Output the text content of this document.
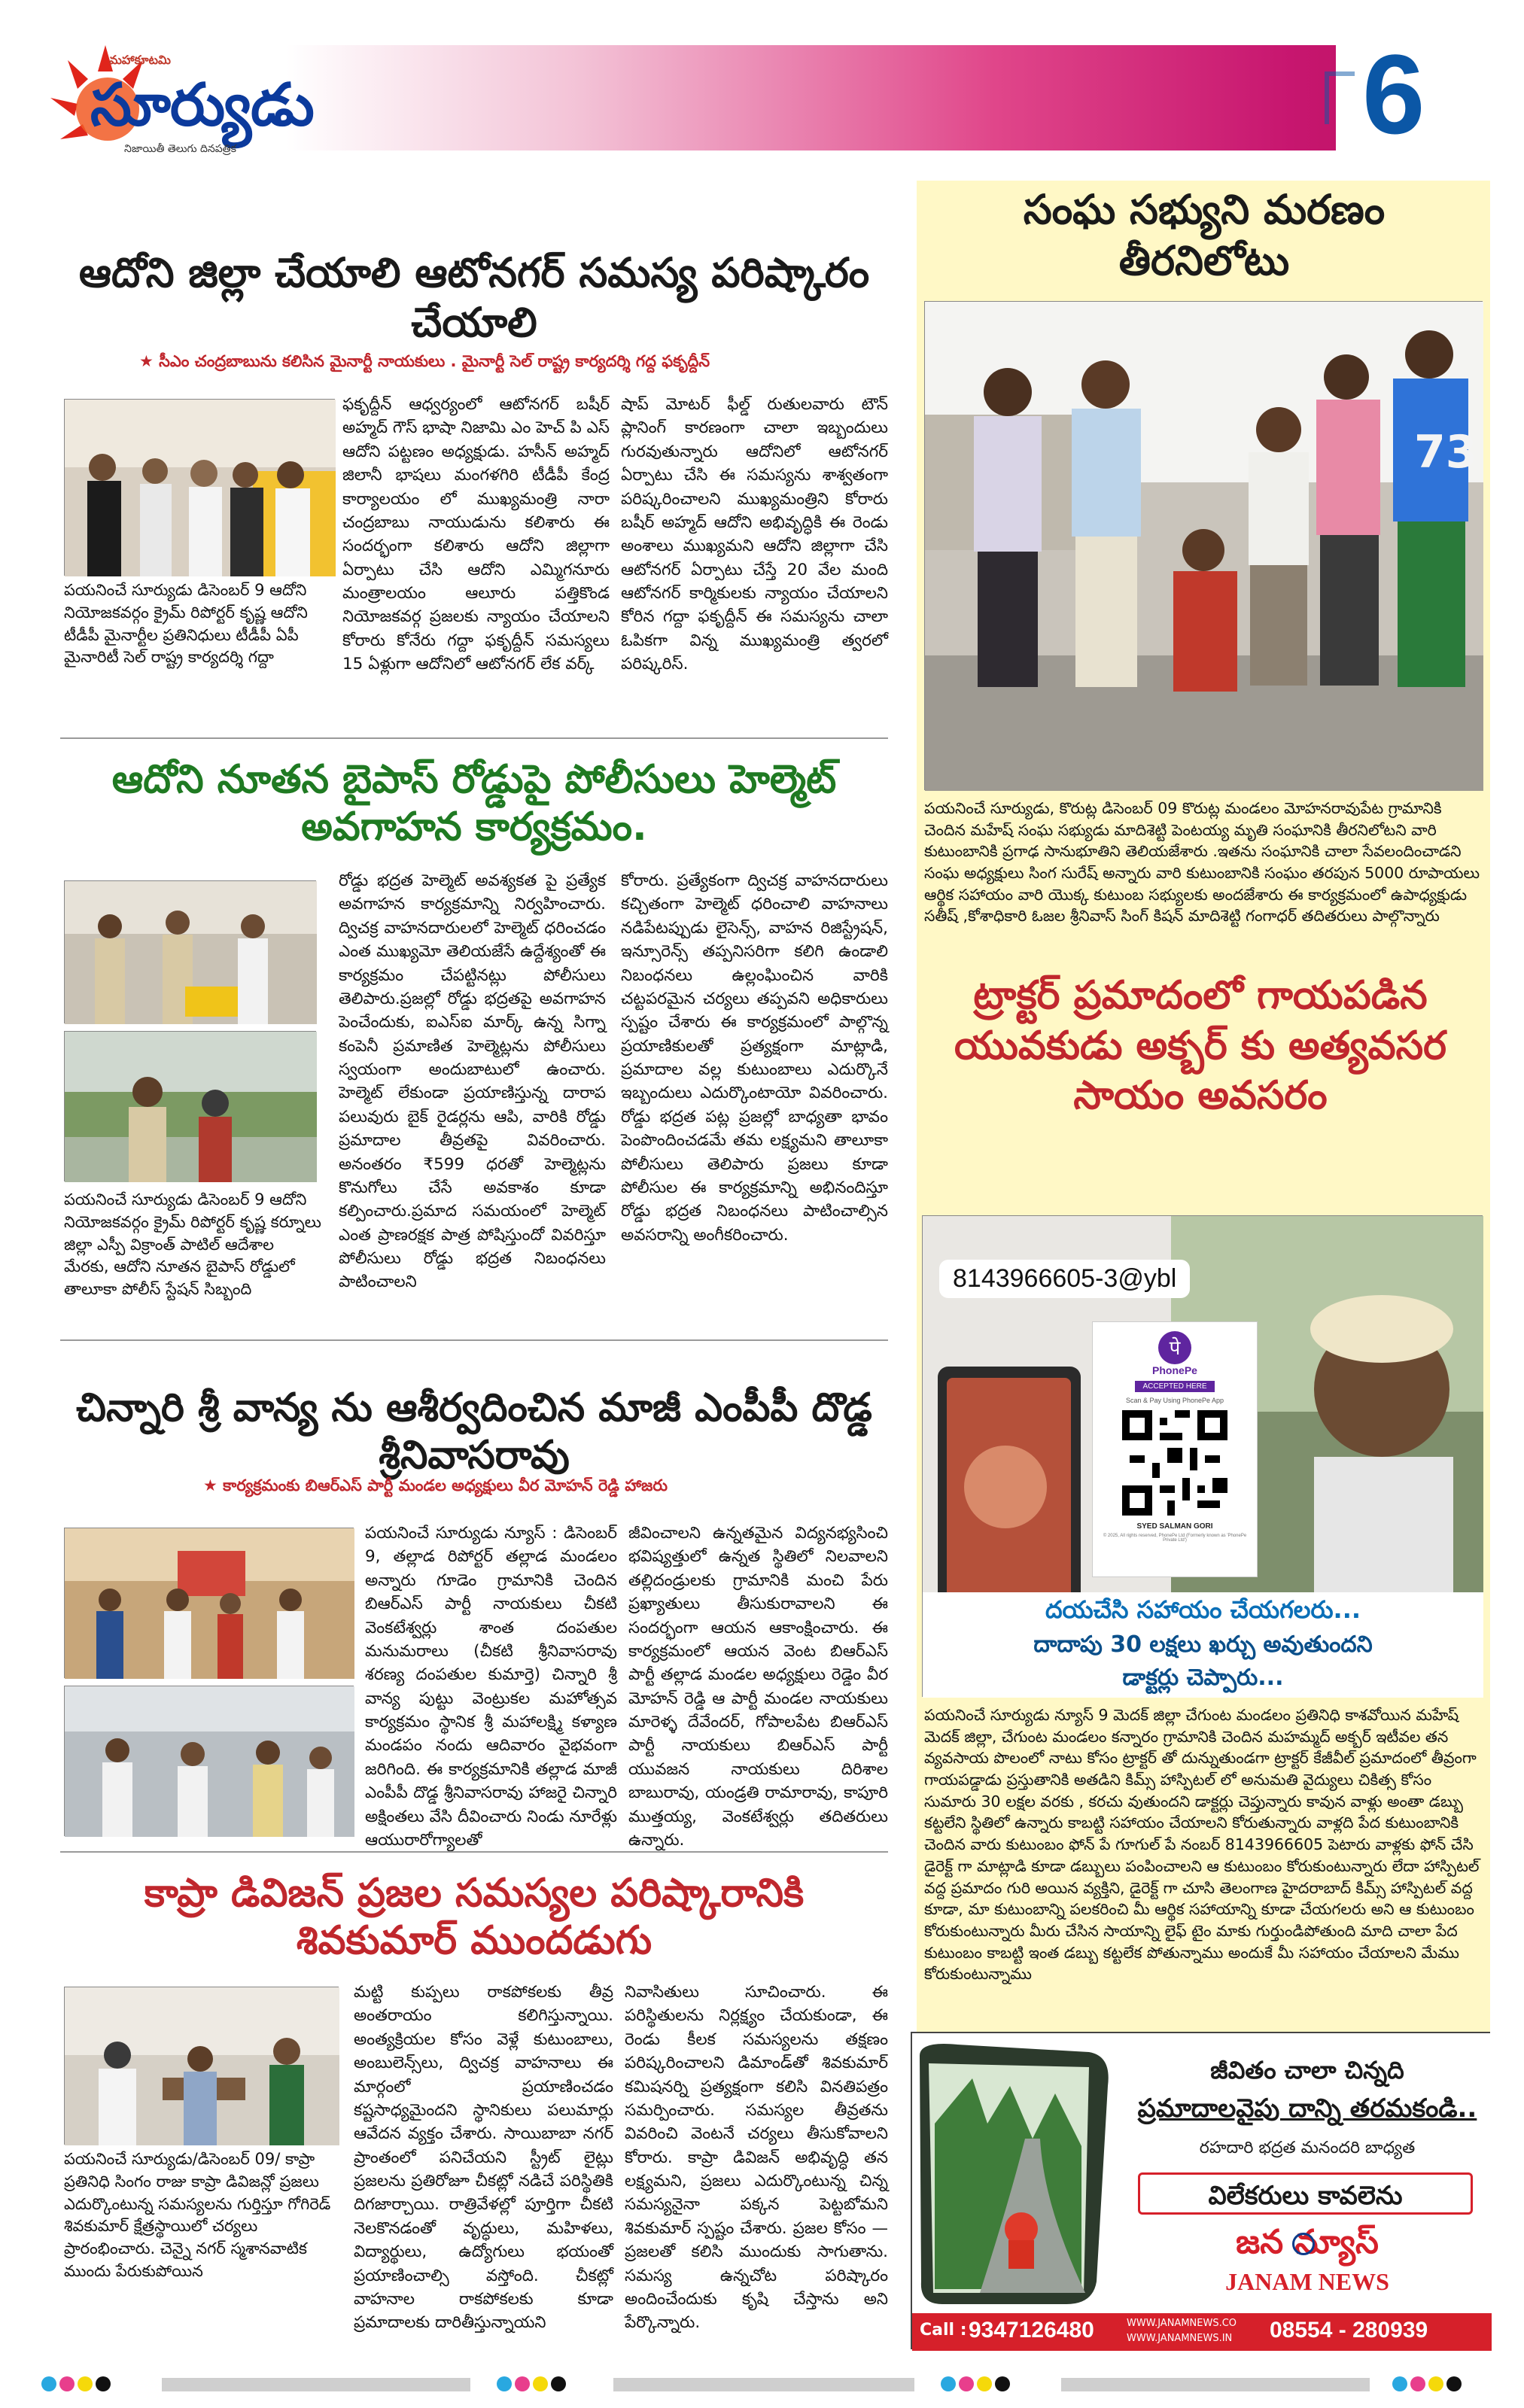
మహాకూటమి
సూర్యుడు
నిజాయితీ తెలుగు దినపత్రిక	6
ఆదోని జిల్లా చేయాలి ఆటోనగర్ సమస్య పరిష్కారం చేయాలి
★ సీఎం చంద్రబాబును కలిసిన మైనార్టీ నాయకులు . మైనార్టీ సెల్ రాష్ట్ర కార్యదర్శి గద్ద ఫకృద్దీన్
పయనించే సూర్యుడు డిసెంబర్ 9 ఆదోని నియోజకవర్గం క్రైమ్ రిపోర్టర్ కృష్ణ ఆదోని టీడీపీ మైనార్టీల ప్రతినిధులు టీడీపీ ఏపీ మైనారిటీ సెల్ రాష్ట్ర కార్యదర్శి గద్దా
ఫకృద్దీన్ ఆధ్వర్యంలో ఆటోనగర్ బషీర్ అహ్మద్ గౌస్ భాషా నిజామి ఎం హెచ్ పి ఎస్ ఆదోని పట్టణం అధ్యక్షుడు. హసీన్ అహ్మద్ జిలానీ భాషలు మంగళగిరి టీడీపీ కేంద్ర కార్యాలయం లో ముఖ్యమంత్రి నారా చంద్రబాబు నాయుడును కలిశారు ఈ సందర్భంగా కలిశారు ఆదోని జిల్లాగా ఏర్పాటు చేసి ఆదోని ఎమ్మిగనూరు మంత్రాలయం ఆలూరు పత్తికొండ నియోజకవర్గ ప్రజలకు న్యాయం చేయాలని కోరారు కోనేరు గద్దా ఫకృద్దీన్ సమస్యలు 15 ఏళ్లుగా ఆదోనిలో ఆటోనగర్ లేక వర్క్
షాప్ మోటర్ ఫీల్డ్ రుతులవారు టౌన్ ప్లానింగ్ కారణంగా చాలా ఇబ్బందులు గురవుతున్నారు ఆదోనిలో ఆటోనగర్ ఏర్పాటు చేసి ఈ సమస్యను శాశ్వతంగా పరిష్కరించాలని ముఖ్యమంత్రిని కోరారు బషీర్ అహ్మద్ ఆదోని అభివృద్ధికి ఈ రెండు అంశాలు ముఖ్యమని ఆదోని జిల్లాగా చేసి ఆటోనగర్ ఏర్పాటు చేస్తే 20 వేల మంది ఆటోనగర్ కార్మికులకు న్యాయం చేయాలని కోరిన గద్దా ఫకృద్దీన్ ఈ సమస్యను చాలా ఓపికగా విన్న ముఖ్యమంత్రి త్వరలో పరిష్కరిస్.
ఆదోని నూతన బైపాస్ రోడ్డుపై పోలీసులు హెల్మెట్ అవగాహన కార్యక్రమం.
పయనించే సూర్యుడు డిసెంబర్ 9 ఆదోని నియోజకవర్గం క్రైమ్ రిపోర్టర్ కృష్ణ కర్నూలు జిల్లా ఎస్పీ విక్రాంత్ పాటిల్ ఆదేశాల మేరకు, ఆదోని నూతన బైపాస్ రోడ్డులో తాలూకా పోలీస్ స్టేషన్ సిబ్బంది
రోడ్డు భద్రత హెల్మెట్ అవశ్యకత పై ప్రత్యేక అవగాహన కార్యక్రమాన్ని నిర్వహించారు. ద్విచక్ర వాహనదారులలో హెల్మెట్ ధరించడం ఎంత ముఖ్యమో తెలియజేసే ఉద్దేశ్యంతో ఈ కార్యక్రమం చేపట్టినట్లు పోలీసులు తెలిపారు.ప్రజల్లో రోడ్డు భద్రతపై అవగాహన పెంచేందుకు, ఐఎస్‌ఐ మార్క్ ఉన్న సిగ్నా కంపెనీ ప్రమాణిత హెల్మెట్లను పోలీసులు స్వయంగా అందుబాటులో ఉంచారు. హెల్మెట్ లేకుండా ప్రయాణిస్తున్న దారాప పలువురు బైక్ రైడర్లను ఆపి, వారికి రోడ్డు ప్రమాదాల తీవ్రతపై వివరించారు. అనంతరం ₹599 ధరతో హెల్మెట్లను కొనుగోలు చేసే అవకాశం కూడా కల్పించారు.ప్రమాద సమయంలో హెల్మెట్ ఎంత ప్రాణరక్షక పాత్ర పోషిస్తుందో వివరిస్తూ పోలీసులు రోడ్డు భద్రత నిబంధనలు పాటించాలని
కోరారు. ప్రత్యేకంగా ద్విచక్ర వాహనదారులు కచ్చితంగా హెల్మెట్ ధరించాలి వాహనాలు నడిపేటప్పుడు లైసెన్స్, వాహన రిజిస్ట్రేషన్, ఇన్సూరెన్స్ తప్పనిసరిగా కలిగి ఉండాలి నిబంధనలు ఉల్లంఘించిన వారికి చట్టపరమైన చర్యలు తప్పవని అధికారులు స్పష్టం చేశారు ఈ కార్యక్రమంలో పాల్గొన్న ప్రయాణికులతో ప్రత్యక్షంగా మాట్లాడి, ప్రమాదాల వల్ల కుటుంబాలు ఎదుర్కొనే ఇబ్బందులు ఎదుర్కొంటాయో వివరించారు. రోడ్డు భద్రత పట్ల ప్రజల్లో బాధ్యతా భావం పెంపొందించడమే తమ లక్ష్యమని తాలూకా పోలీసులు తెలిపారు ప్రజలు కూడా పోలీసుల ఈ కార్యక్రమాన్ని అభినందిస్తూ రోడ్డు భద్రత నిబంధనలు పాటించాల్సిన అవసరాన్ని అంగీకరించారు.
చిన్నారి శ్రీ వాన్య ను ఆశీర్వదించిన మాజీ ఎంపీపీ దొడ్డ శ్రీనివాసరావు
★ కార్యక్రమంకు బిఆర్ఎస్ పార్టీ మండల అధ్యక్షులు వీర మోహన్ రెడ్డి హాజరు
పయనించే సూర్యుడు న్యూస్ : డిసెంబర్ 9, తల్లాడ రిపోర్టర్ తల్లాడ మండలం అన్నారు గూడెం గ్రామానికి చెందిన బిఆర్ఎస్ పార్టీ నాయకులు చీకటి వెంకటేశ్వర్లు శాంత దంపతుల మనుమరాలు (చీకటి శ్రీనివాసరావు శరణ్య దంపతుల కుమార్తె) చిన్నారి శ్రీ వాన్య పుట్టు వెంట్రుకల మహోత్సవ కార్యక్రమం స్థానిక శ్రీ మహాలక్ష్మి కళ్యాణ మండపం నందు ఆదివారం వైభవంగా జరిగింది. ఈ కార్యక్రమానికి తల్లాడ మాజీ ఎంపీపీ దొడ్డ శ్రీనివాసరావు హాజరై చిన్నారి అక్షింతలు వేసి దీవించారు నిండు నూరేళ్లు ఆయురారోగ్యాలతో
జీవించాలని ఉన్నతమైన విద్యనభ్యసించి భవిష్యత్తులో ఉన్నత స్థితిలో నిలవాలని తల్లిదండ్రులకు గ్రామానికి మంచి పేరు ప్రఖ్యాతులు తీసుకురావాలని ఈ సందర్భంగా ఆయన ఆకాంక్షించారు. ఈ కార్యక్రమంలో ఆయన వెంట బిఆర్ఎస్ పార్టీ తల్లాడ మండల అధ్యక్షులు రెడ్డెం వీర మోహన్ రెడ్డి ఆ పార్టీ మండల నాయకులు మారెళ్ళ దేవేందర్, గోపాలపేట బిఆర్ఎస్ పార్టీ నాయకులు బిఆర్ఎస్ పార్టీ యువజన నాయకులు దిరిశాల బాబురావు, యండ్రతి రామారావు, కాపూరి ముత్తయ్య, వెంకటేశ్వర్లు తదితరులు ఉన్నారు.
కాప్రా డివిజన్ ప్రజల సమస్యల పరిష్కారానికి శివకుమార్ ముందడుగు
పయనించే సూర్యుడు/డిసెంబర్ 09/ కాప్రా ప్రతినిధి సింగం రాజు కాప్రా డివిజన్లో ప్రజలు ఎదుర్కొంటున్న సమస్యలను గుర్తిస్తూ గోగిరెడ్ శివకుమార్ క్షేత్రస్థాయిలో చర్యలు ప్రారంభించారు. చెన్నై నగర్ స్మశానవాటిక ముందు పేరుకుపోయిన
మట్టి కుప్పలు రాకపోకలకు తీవ్ర అంతరాయం కలిగిస్తున్నాయి. అంత్యక్రియల కోసం వెళ్లే కుటుంబాలు, అంబులెన్స్‌లు, ద్విచక్ర వాహనాలు ఈ మార్గంలో ప్రయాణించడం కష్టసాధ్యమైందని స్థానికులు పలుమార్లు ఆవేదన వ్యక్తం చేశారు. సాయిబాబా నగర్ ప్రాంతంలో పనిచేయని స్ట్రీట్ లైట్లు ప్రజలను ప్రతిరోజూ చీకట్లో నడిచే పరిస్థితికి దిగజార్చాయి. రాత్రివేళల్లో పూర్తిగా చీకటి నెలకొనడంతో వృద్ధులు, మహిళలు, విద్యార్థులు, ఉద్యోగులు భయంతో ప్రయాణించాల్సి వస్తోంది. చీకట్లో వాహనాల రాకపోకలకు కూడా ప్రమాదాలకు దారితీస్తున్నాయని
నివాసితులు సూచించారు. ఈ పరిస్థితులను నిర్లక్ష్యం చేయకుండా, ఈ రెండు కీలక సమస్యలను తక్షణం పరిష్కరించాలని డిమాండ్‌తో శివకుమార్ కమిషనర్ని ప్రత్యక్షంగా కలిసి వినతిపత్రం సమర్పించారు. సమస్యల తీవ్రతను వివరించి వెంటనే చర్యలు తీసుకోవాలని కోరారు. కాప్రా డివిజన్ అభివృద్ధి తన లక్ష్యమని, ప్రజలు ఎదుర్కొంటున్న చిన్న సమస్యనైనా పక్కన పెట్టబోమని శివకుమార్ స్పష్టం చేశారు. ప్రజల కోసం — ప్రజలతో కలిసి ముందుకు సాగుతాను. సమస్య ఉన్నచోట పరిష్కారం అందించేందుకు కృషి చేస్తాను అని పేర్కొన్నారు.
సంఘ సభ్యుని మరణం తీరనిలోటు
73
పయనించే సూర్యుడు, కొరుట్ల డిసెంబర్ 09 కొరుట్ల మండలం మోహనరావుపేట గ్రామానికి చెందిన మహేష్ సంఘ సభ్యుడు మాదిశెట్టి పెంటయ్య మృతి సంఘానికి తీరనిలోటని వారి కుటుంబానికి ప్రగాఢ సానుభూతిని తెలియజేశారు .ఇతను సంఘానికి చాలా సేవలందించాడని సంఘ అధ్యక్షులు సింగ సురేష్ అన్నారు వారి కుటుంబానికి సంఘం తరపున 5000 రూపాయలు ఆర్థిక సహాయం వారి యొక్క కుటుంబ సభ్యులకు అందజేశారు ఈ కార్యక్రమంలో ఉపాధ్యక్షుడు సతీష్ ,కోశాధికారి ఓజల శ్రీనివాస్ సింగ్ కిషన్ మాదిశెట్టి గంగాధర్ తదితరులు పాల్గొన్నారు
ట్రాక్టర్ ప్రమాదంలో గాయపడిన యువకుడు అక్బర్ కు అత్యవసర సాయం అవసరం
8143966605-3@ybl
पे
PhonePe
ACCEPTED HERE
Scan & Pay Using PhonePe App
SYED SALMAN GORI
© 2025, All rights reserved, PhonePe Ltd (Formerly known as 'PhonePe Private Ltd')
దయచేసి సహాయం చేయగలరు...
దాదాపు 30 లక్షలు ఖర్చు అవుతుందని
డాక్టర్లు చెప్పారు...
పయనించే సూర్యుడు న్యూస్ 9 మెదక్ జిల్లా చేగుంట మండలం ప్రతినిధి కాశవోయిన మహేష్ మెదక్ జిల్లా, చేగుంట మండలం కన్నారం గ్రామానికి చెందిన మహమ్మద్ అక్బర్ ఇటీవల తన వ్యవసాయ పొలంలో నాటు కోసం ట్రాక్టర్ తో దున్నుతుండగా ట్రాక్టర్ కేజీవీల్ ప్రమాదంలో తీవ్రంగా గాయపడ్డాడు ప్రస్తుతానికి అతడిని కిమ్స్ హాస్పిటల్ లో అనుమతి వైద్యులు చికిత్స కోసం సుమారు 30 లక్షల వరకు , కరచు వుతుందని డాక్టర్లు చెప్తున్నారు కావున వాళ్లు అంతా డబ్బు కట్టలేని స్థితిలో ఉన్నారు కాబట్టి సహాయం చేయాలని కోరుతున్నారు వాళ్లది పేద కుటుంబానికి చెందిన వారు కుటుంబం ఫోన్ పే గూగుల్ పే నంబర్ 8143966605 పెటారు వాళ్లకు ఫోన్ చేసి డైరెక్ట్ గా మాట్లాడి కూడా డబ్బులు పంపించాలని ఆ కుటుంబం కోరుకుంటున్నారు లేదా హాస్పిటల్ వద్ద ప్రమాదం గురి అయిన వ్యక్తిని, డైరెక్ట్ గా చూసి తెలంగాణ హైదరాబాద్ కిమ్స్ హాస్పిటల్ వద్ద కూడా, మా కుటుంబాన్ని పలకరించి మీ ఆర్థిక సహాయాన్ని కూడా చేయగలరు అని ఆ కుటుంబం కోరుకుంటున్నారు మీరు చేసిన సాయాన్ని లైఫ్ టైం మాకు గుర్తుండిపోతుంది మాది చాలా పేద కుటుంబం కాబట్టి ఇంత డబ్బు కట్టలేక పోతున్నాము అందుకే మీ సహాయం చేయాలని మేము కోరుకుంటున్నాము
జీవితం చాలా చిన్నది
ప్రమాదాలవైపు దాన్ని తరమకండి..
రహదారి భద్రత మనందరి బాధ్యత
విలేకరులు కావలెను
జన న్యూస్
JANAM NEWS
Call : 9347126480	WWW.JANAMNEWS.CO
WWW.JANAMNEWS.IN 08554 - 280939
